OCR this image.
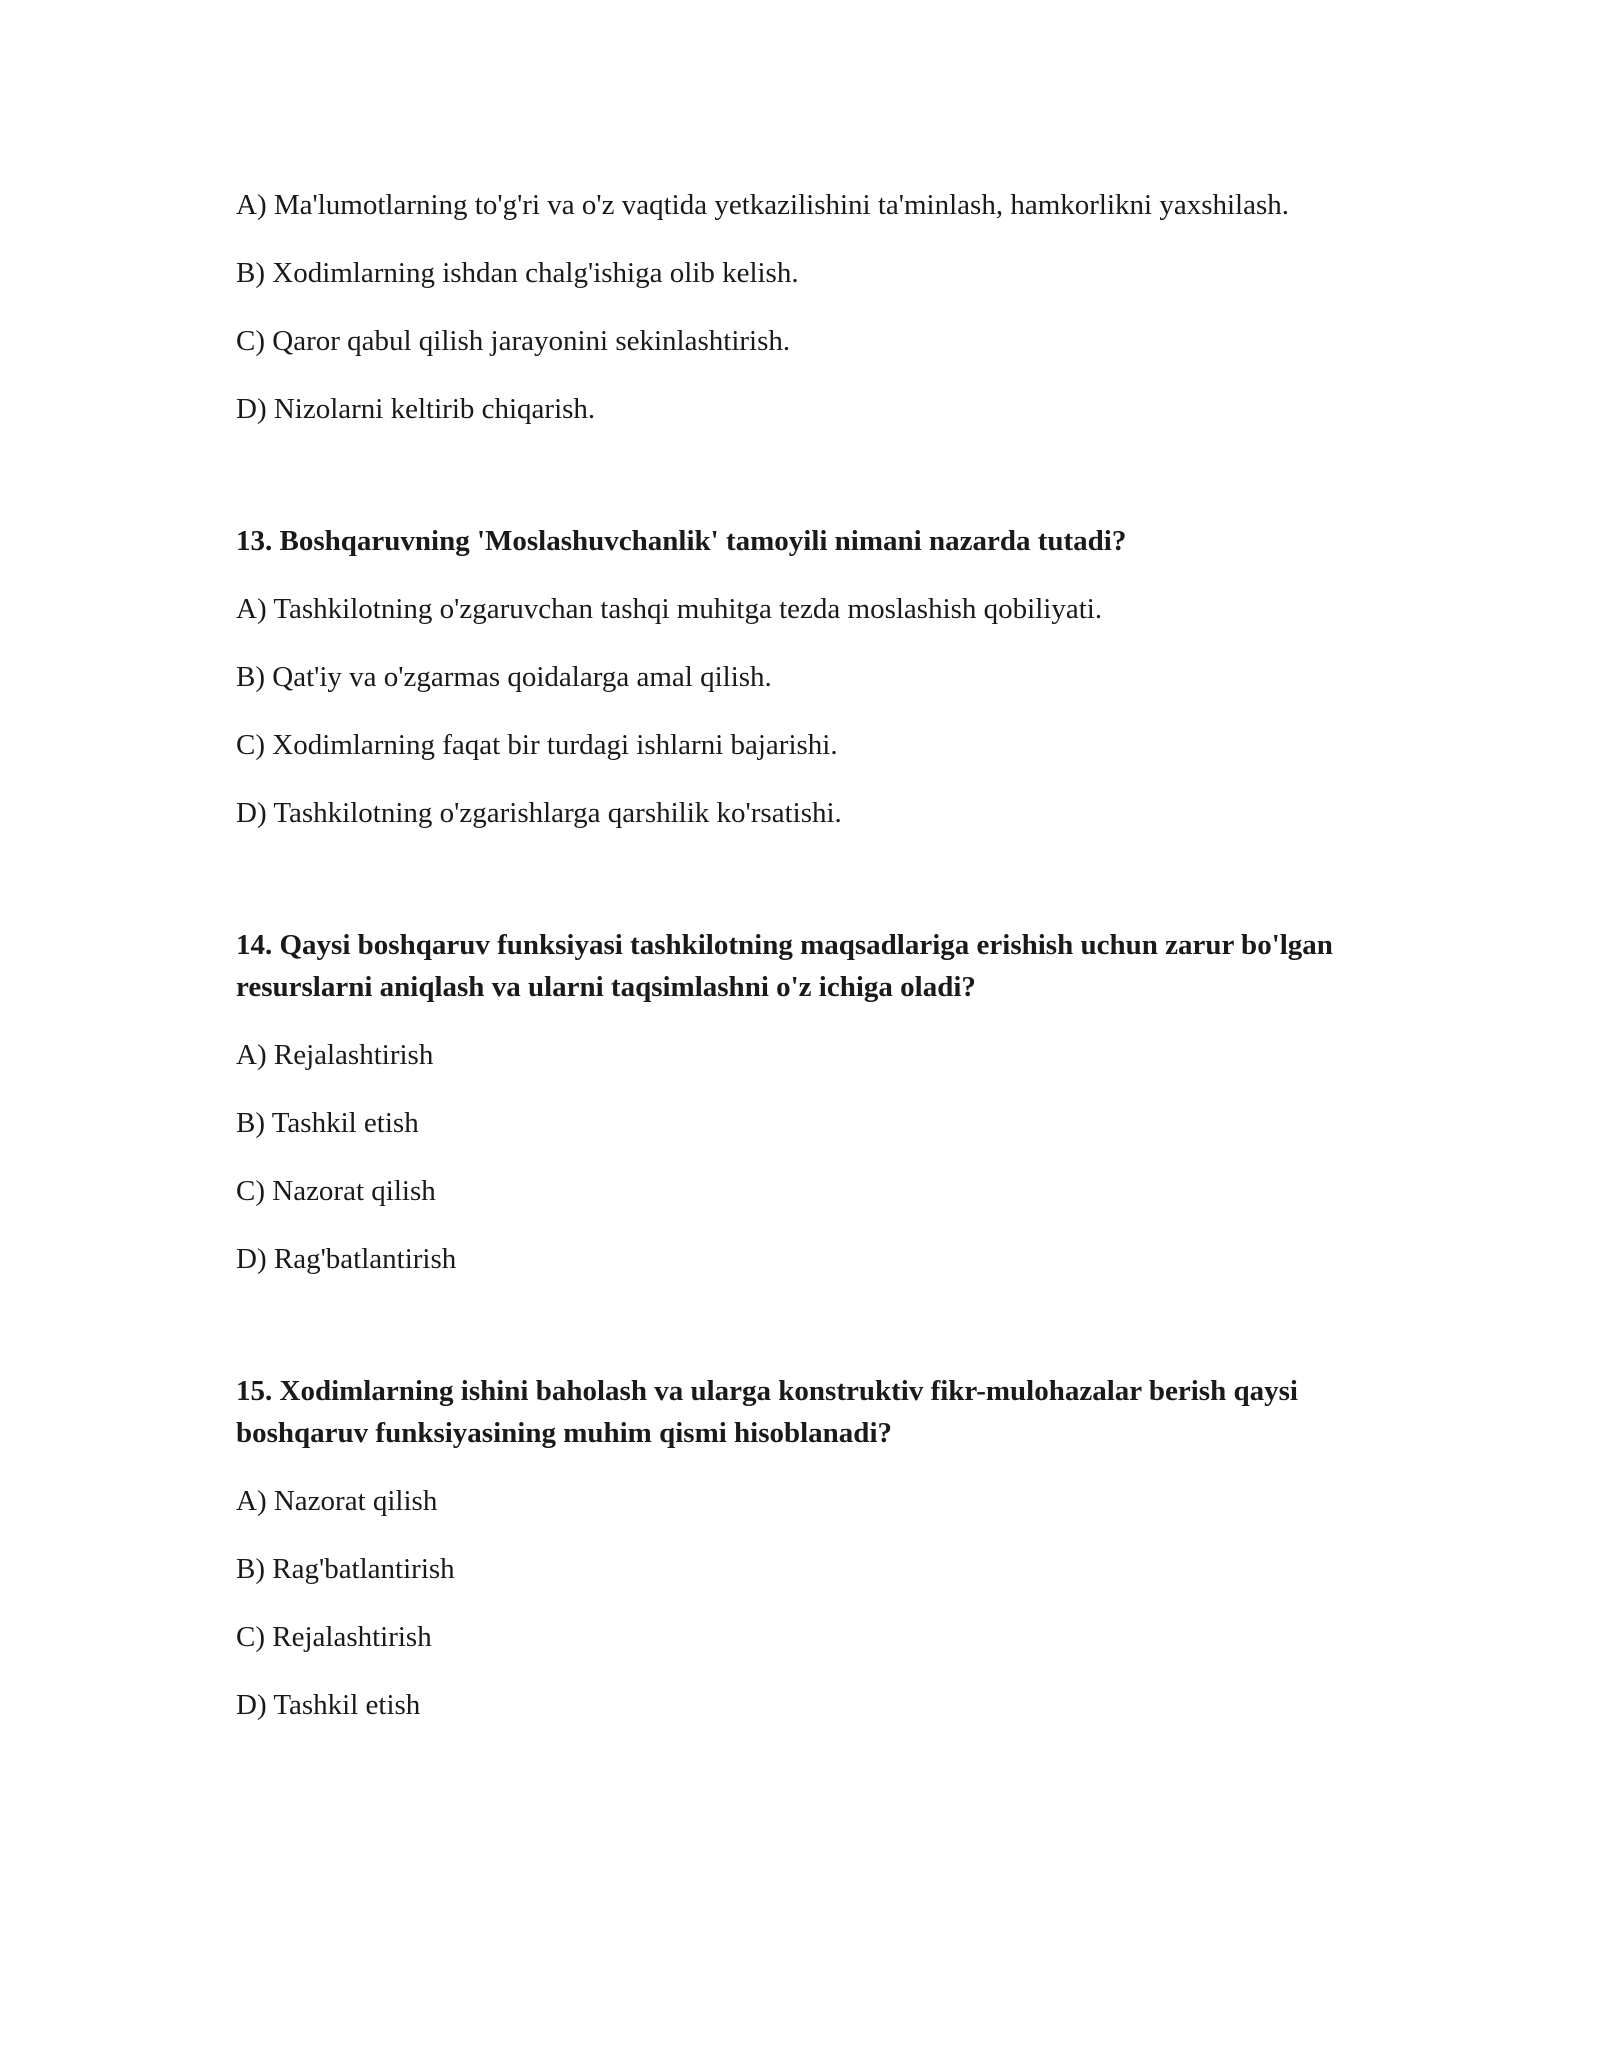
A) Ma'lumotlarning to'g'ri va o'z vaqtida yetkazilishini ta'minlash, hamkorlikni yaxshilash.

B) Xodimlarning ishdan chalg'ishiga olib kelish.

C) Qaror qabul qilish jarayonini sekinlashtirish.

D) Nizolarni keltirib chiqarish.

13. Boshqaruvning 'Moslashuvchanlik' tamoyili nimani nazarda tutadi?

A) Tashkilotning o'zgaruvchan tashqi muhitga tezda moslashish qobiliyati.

B) Qat'iy va o'zgarmas qoidalarga amal qilish.

C) Xodimlarning faqat bir turdagi ishlarni bajarishi.

D) Tashkilotning o'zgarishlarga qarshilik ko'rsatishi.

14. Qaysi boshqaruv funksiyasi tashkilotning maqsadlariga erishish uchun zarur bo'lgan resurslarni aniqlash va ularni taqsimlashni o'z ichiga oladi?

A) Rejalashtirish

B) Tashkil etish

C) Nazorat qilish

D) Rag'batlantirish

15. Xodimlarning ishini baholash va ularga konstruktiv fikr-mulohazalar berish qaysi boshqaruv funksiyasining muhim qismi hisoblanadi?

A) Nazorat qilish

B) Rag'batlantirish

C) Rejalashtirish

D) Tashkil etish
